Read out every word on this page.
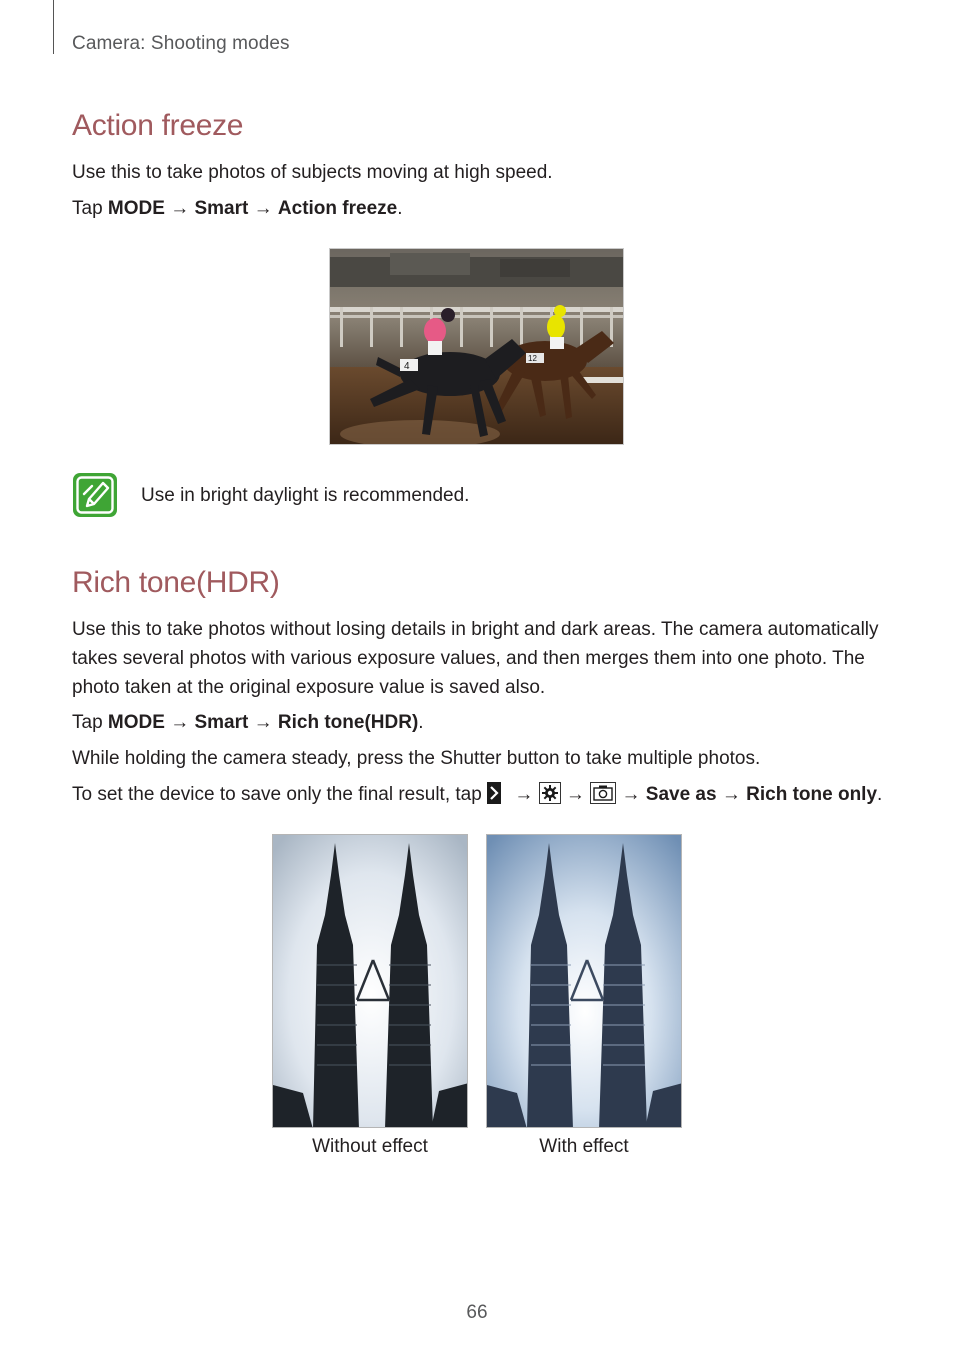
Camera: Shooting modes
Action freeze

Use this to take photos of subjects moving at high speed.

Tap MODE → Smart → Action freeze.

4
12
Use in bright daylight is recommended.
Rich tone(HDR)

Use this to take photos without losing details in bright and dark areas. The camera automatically takes several photos with various exposure values, and then merges them into one photo. The photo taken at the original exposure value is saved also.

Tap MODE → Smart → Rich tone(HDR).

While holding the camera steady, press the Shutter button to take multiple photos.

To set the device to save only the final result, tap → → → Save as → Rich tone only.

Without effect	With effect
66
